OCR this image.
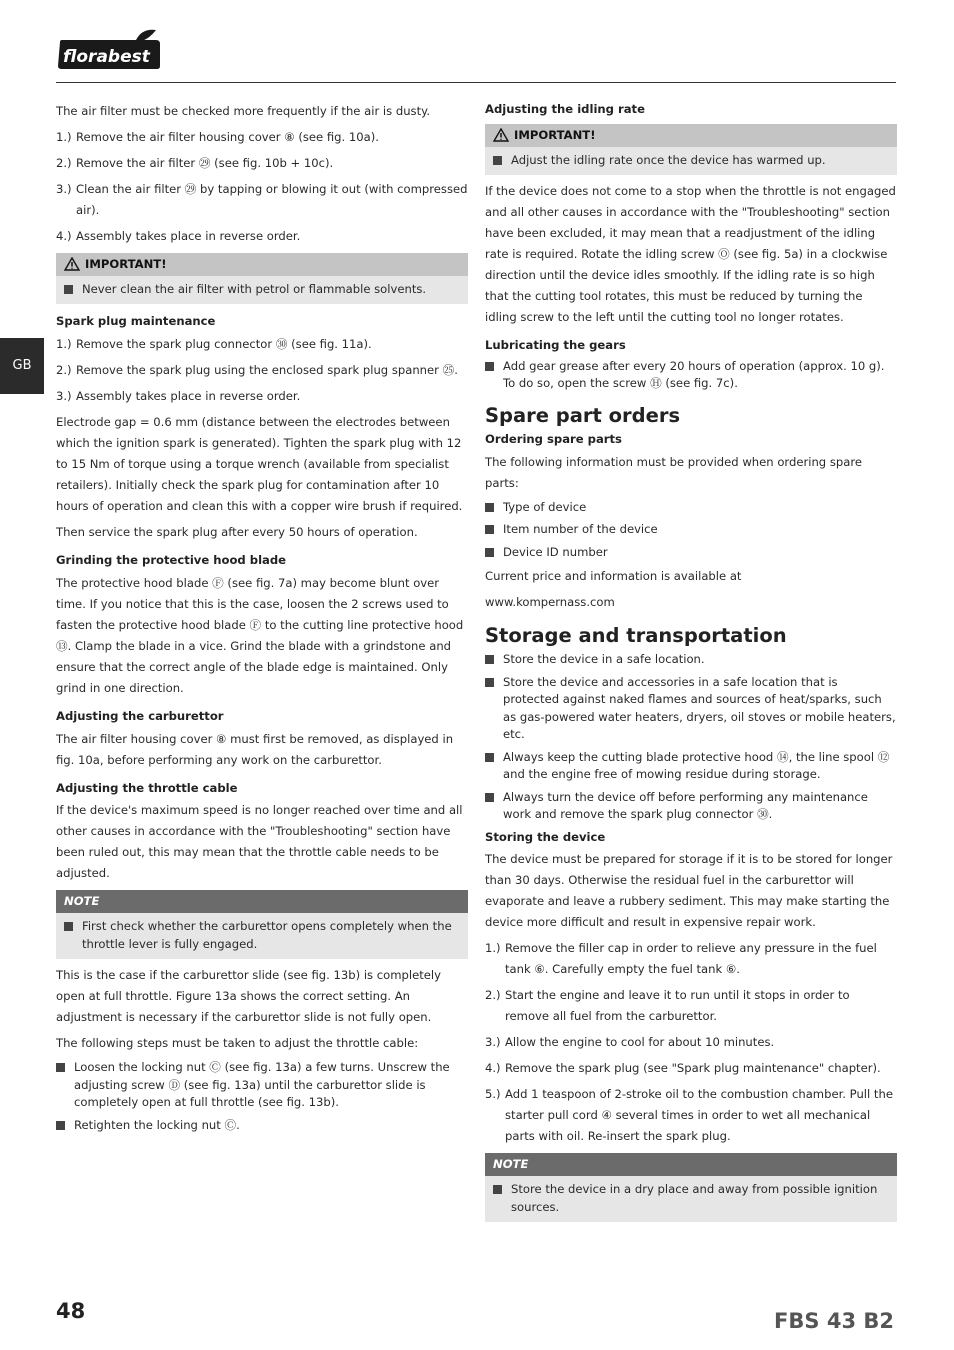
florabest
GB
The air filter must be checked more frequently if the air is dusty.
1.) Remove the air filter housing cover ⑧ (see fig. 10a).
2.) Remove the air filter ㉙ (see fig. 10b + 10c).
3.) Clean the air filter ㉙ by tapping or blowing it out (with compressed air).
4.) Assembly takes place in reverse order.
IMPORTANT!
Never clean the air filter with petrol or flammable solvents.
Spark plug maintenance
1.) Remove the spark plug connector ㉚ (see fig. 11a).
2.) Remove the spark plug using the enclosed spark plug spanner ㉕.
3.) Assembly takes place in reverse order.
Electrode gap = 0.6 mm (distance between the electrodes between which the ignition spark is generated). Tighten the spark plug with 12 to 15 Nm of torque using a torque wrench (available from specialist retailers). Initially check the spark plug for contamination after 10 hours of operation and clean this with a copper wire brush if required.
Then service the spark plug after every 50 hours of operation.
Grinding the protective hood blade
The protective hood blade Ⓕ (see fig. 7a) may become blunt over time. If you notice that this is the case, loosen the 2 screws used to fasten the protective hood blade Ⓕ to the cutting line protective hood ⑬. Clamp the blade in a vice. Grind the blade with a grindstone and ensure that the correct angle of the blade edge is maintained. Only grind in one direction.
Adjusting the carburettor
The air filter housing cover ⑧ must first be removed, as displayed in fig. 10a, before performing any work on the carburettor.
Adjusting the throttle cable
If the device's maximum speed is no longer reached over time and all other causes in accordance with the "Troubleshooting" section have been ruled out, this may mean that the throttle cable needs to be adjusted.
NOTE
First check whether the carburettor opens completely when the throttle lever is fully engaged.
This is the case if the carburettor slide (see fig. 13b) is completely open at full throttle. Figure 13a shows the correct setting. An adjustment is necessary if the carburettor slide is not fully open.
The following steps must be taken to adjust the throttle cable:
Loosen the locking nut Ⓒ (see fig. 13a) a few turns. Unscrew the adjusting screw Ⓓ (see fig. 13a) until the carburettor slide is completely open at full throttle (see fig. 13b).
Retighten the locking nut Ⓒ.
Adjusting the idling rate
IMPORTANT!
Adjust the idling rate once the device has warmed up.
If the device does not come to a stop when the throttle is not engaged and all other causes in accordance with the "Troubleshooting" section have been excluded, it may mean that a readjustment of the idling rate is required. Rotate the idling screw Ⓞ (see fig. 5a) in a clockwise direction until the device idles smoothly. If the idling rate is so high that the cutting tool rotates, this must be reduced by turning the idling screw to the left until the cutting tool no longer rotates.
Lubricating the gears
Add gear grease after every 20 hours of operation (approx. 10 g). To do so, open the screw Ⓗ (see fig. 7c).
Spare part orders
Ordering spare parts
The following information must be provided when ordering spare parts:
Type of device
Item number of the device
Device ID number
Current price and information is available at
www.kompernass.com
Storage and transportation
Store the device in a safe location.
Store the device and accessories in a safe location that is protected against naked flames and sources of heat/sparks, such as gas-powered water heaters, dryers, oil stoves or mobile heaters, etc.
Always keep the cutting blade protective hood ⑭, the line spool ⑫ and the engine free of mowing residue during storage.
Always turn the device off before performing any maintenance work and remove the spark plug connector ㉚.
Storing the device
The device must be prepared for storage if it is to be stored for longer than 30 days. Otherwise the residual fuel in the carburettor will evaporate and leave a rubbery sediment. This may make starting the device more difficult and result in expensive repair work.
1.) Remove the filler cap in order to relieve any pressure in the fuel tank ⑥. Carefully empty the fuel tank ⑥.
2.) Start the engine and leave it to run until it stops in order to remove all fuel from the carburettor.
3.) Allow the engine to cool for about 10 minutes.
4.) Remove the spark plug (see "Spark plug maintenance" chapter).
5.) Add 1 teaspoon of 2-stroke oil to the combustion chamber. Pull the starter pull cord ④ several times in order to wet all mechanical parts with oil. Re-insert the spark plug.
NOTE
Store the device in a dry place and away from possible ignition sources.
48	FBS 43 B2
